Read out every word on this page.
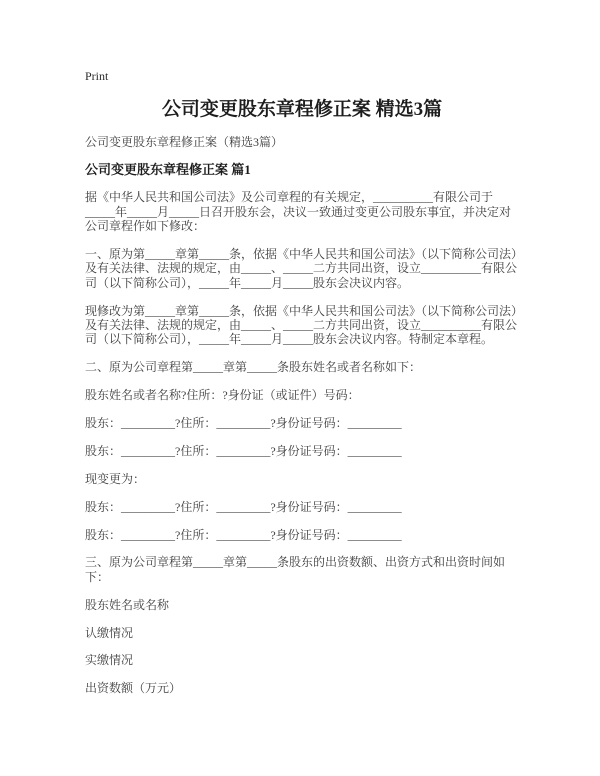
Print
公司变更股东章程修正案 精选3篇

公司变更股东章程修正案（精选3篇）

公司变更股东章程修正案 篇1

据《中华人民共和国公司法》及公司章程的有关规定，__________有限公司于_____年_____月_____日召开股东会，决议一致通过变更公司股东事宜，并决定对公司章程作如下修改：

一、原为第_____章第_____条，依据《中华人民共和国公司法》（以下简称公司法）及有关法律、法规的规定，由_____、_____二方共同出资，设立__________有限公司（以下简称公司），_____年_____月_____股东会决议内容。

现修改为第_____章第_____条，依据《中华人民共和国公司法》（以下简称公司法）及有关法律、法规的规定，由_____、_____二方共同出资，设立__________有限公司（以下简称公司），_____年_____月_____股东会决议内容。特制定本章程。

二、原为公司章程第_____章第_____条股东姓名或者名称如下：

股东姓名或者名称?住所：?身份证（或证件）号码：

股东：_________?住所：_________?身份证号码：_________

股东：_________?住所：_________?身份证号码：_________

现变更为：

股东：_________?住所：_________?身份证号码：_________

股东：_________?住所：_________?身份证号码：_________

三、原为公司章程第_____章第_____条股东的出资数额、出资方式和出资时间如下：

股东姓名或名称

认缴情况

实缴情况

出资数额（万元）
